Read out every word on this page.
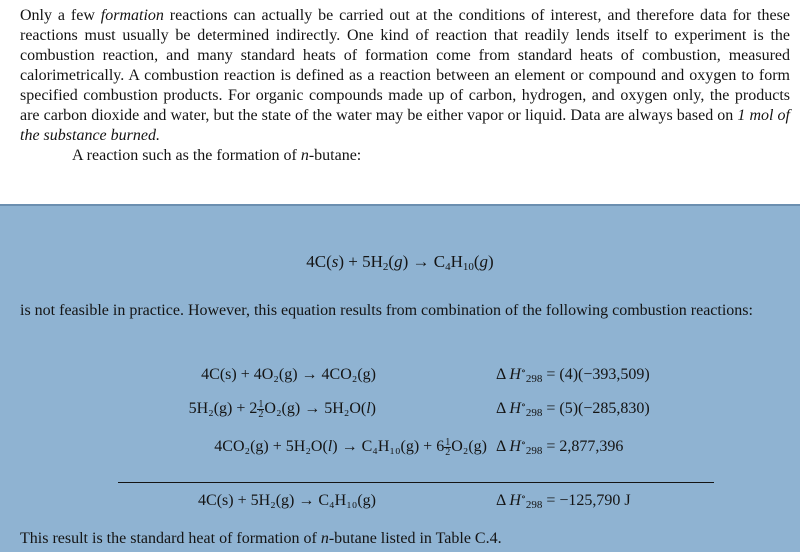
Only a few formation reactions can actually be carried out at the conditions of interest, and therefore data for these reactions must usually be determined indirectly. One kind of reaction that readily lends itself to experiment is the combustion reaction, and many standard heats of formation come from standard heats of combustion, measured calorimetrically. A combustion reaction is defined as a reaction between an element or compound and oxygen to form specified combustion products. For organic compounds made up of carbon, hydrogen, and oxygen only, the products are carbon dioxide and water, but the state of the water may be either vapor or liquid. Data are always based on 1 mol of the substance burned.

A reaction such as the formation of n-butane:

$4C(s) + 5H_2(g) \to C_4H_{10}(g)$

is not feasible in practice. However, this equation results from combination of the following combustion reactions:

4C(s) + 4O₂(g) → 4CO₂(g)	Δ $H^\circ_{298} = (4)(-393,509)$
$5H_2(g) + 2 \frac{1}{2} O_2(g) \to 5H_2O(l)$	Δ $H^\circ_{298} = (5)(-285,830)$
$4CO_2(g) + 5H_2O(l) \to C_4H_{10}(g) + 6 \frac{1}{2} O_2(g)$ Δ $H^\circ_{298} = 2,877,396$
4C(s) + 5H₂(g) → C₄H₁₀(g)	Δ $H^\circ_{298} = -125,790$ J
This result is the standard heat of formation of n-butane listed in Table C.4.
